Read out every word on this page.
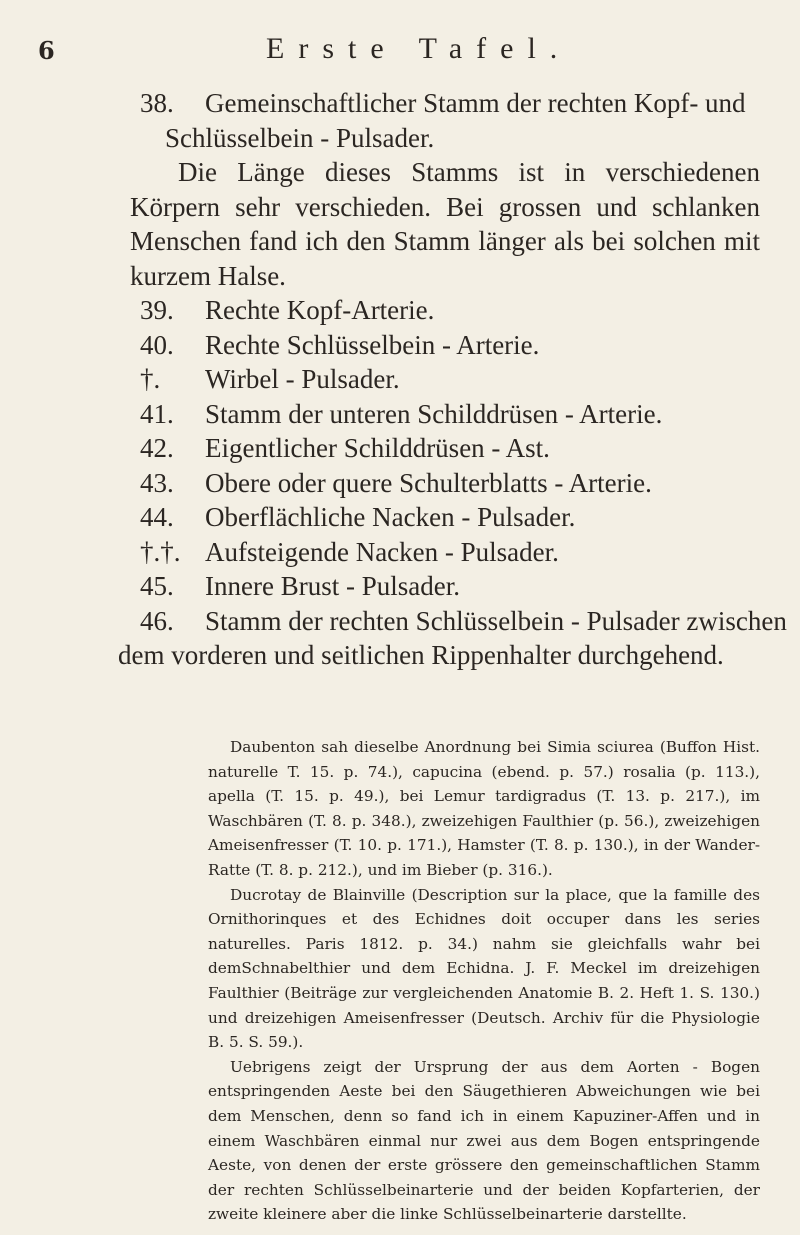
6	Erste Tafel.
38.	Gemeinschaftlicher Stamm der rechten Kopf- und
Schlüsselbein - Pulsader.
Die Länge dieses Stamms ist in verschiedenen Körpern sehr verschieden. Bei grossen und schlanken Menschen fand ich den Stamm länger als bei solchen mit kurzem Halse.
39.	Rechte Kopf-Arterie.
40.	Rechte Schlüsselbein - Arterie.
†.	Wirbel - Pulsader.
41.	Stamm der unteren Schilddrüsen - Arterie.
42.	Eigentlicher Schilddrüsen - Ast.
43.	Obere oder quere Schulterblatts - Arterie.
44.	Oberflächliche Nacken - Pulsader.
†.†. Aufsteigende Nacken - Pulsader.
45.	Innere Brust - Pulsader.
46.	Stamm der rechten Schlüsselbein - Pulsader zwischen
dem vorderen und seitlichen Rippenhalter durchgehend.

Daubenton sah dieselbe Anordnung bei Simia sciurea (Buffon Hist. naturelle T. 15. p. 74.), capucina (ebend. p. 57.) rosalia (p. 113.), apella (T. 15. p. 49.), bei Lemur tardigradus (T. 13. p. 217.), im Waschbären (T. 8. p. 348.), zweizehigen Faulthier (p. 56.), zweizehigen Ameisenfresser (T. 10. p. 171.), Hamster (T. 8. p. 130.), in der Wander-Ratte (T. 8. p. 212.), und im Bieber (p. 316.).

Ducrotay de Blainville (Description sur la place, que la famille des Ornithorinques et des Echidnes doit occuper dans les series naturelles. Paris 1812. p. 34.) nahm sie gleichfalls wahr bei demSchnabelthier und dem Echidna. J. F. Meckel im dreizehigen Faulthier (Beiträge zur vergleichenden Anatomie B. 2. Heft 1. S. 130.) und dreizehigen Ameisenfresser (Deutsch. Archiv für die Physiologie B. 5. S. 59.).

Uebrigens zeigt der Ursprung der aus dem Aorten - Bogen entspringenden Aeste bei den Säugethieren Abweichungen wie bei dem Menschen, denn so fand ich in einem Kapuziner-Affen und in einem Waschbären einmal nur zwei aus dem Bogen entspringende Aeste, von denen der erste grössere den gemeinschaftlichen Stamm der rechten Schlüsselbeinarterie und der beiden Kopfarterien, der zweite kleinere aber die linke Schlüsselbeinarterie darstellte.
